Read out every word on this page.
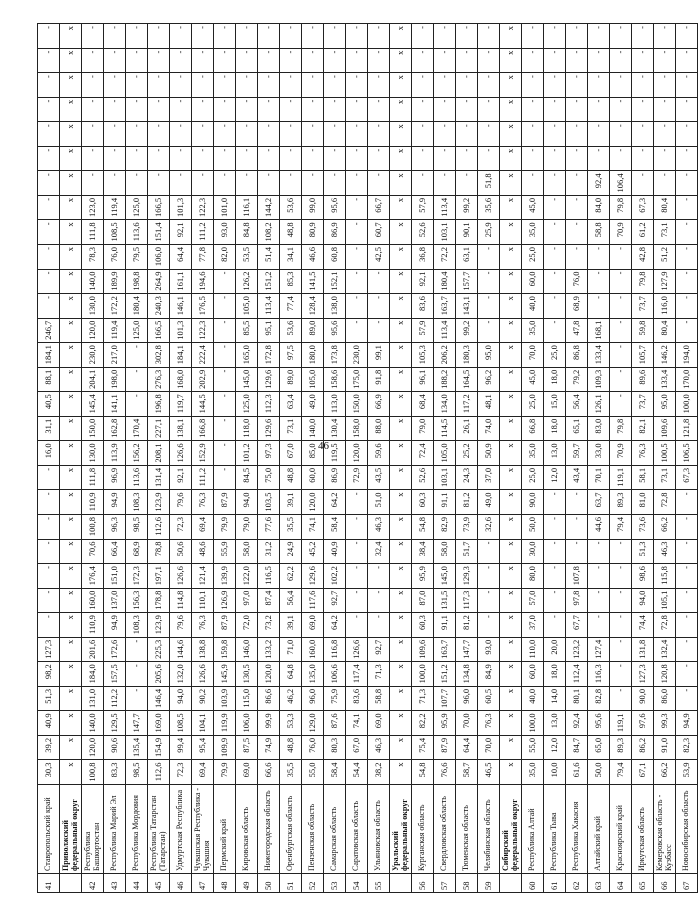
46
41	Ставропольский край	30,3	39,2	40,9	51,3	98,2	127,3	-	-	-	-	-	-	-	16,0	31,1	40,5	88,1	184,1	246,7	-	-	-	-	-	-	-	-	-	-	-	-
	Приволжский федеральный округ	x	x	x	x	x	x	x	x	x	x	x	x	x	x	x	x	x	x	x	x	x	x	x	x	x	x	x	x	x	x	x
42	Республика Башкортостан	100,8	120,0	140,0	131,0	184,0	201,6	110,9	160,0	176,4	70,6	100,8	110,9	111,8	130,0	150,0	145,4	204,1	230,0	120,0	130,0	140,0	78,3	111,8	123,0	-	-	-	-	-	-	-
43	Республика Марий Эл	83,3	90,6	129,5	112,2	157,5	172,6	94,9	137,0	151,0	66,4	96,3	94,9	96,9	113,9	162,8	141,1	198,0	217,0	119,4	172,2	189,9	76,0	108,5	119,4	-	-	-	-	-	-	-
44	Республика Мордовия	98,5	135,4	147,7	-	-	-	108,3	156,3	172,3	68,9	98,5	108,3	113,6	156,2	170,4	-	-	-	125,0	180,4	198,8	79,5	113,6	125,0	-	-	-	-	-	-	-
45	Республика Татарстан (Татарстан)	112,6	154,9	169,0	146,4	205,6	225,3	123,9	178,8	197,1	78,8	112,6	123,9	131,4	208,1	227,1	196,8	276,3	302,8	166,5	240,3	264,9	106,0	151,4	166,5	-	-	-	-	-	-	-
46	Удмуртская Республика	72,3	99,4	108,5	94,0	132,0	144,6	79,6	114,8	126,6	50,6	72,3	79,6	92,1	126,6	138,1	119,7	168,0	184,1	101,3	146,1	161,1	64,4	92,1	101,3	-	-	-	-	-	-	-
47	Чувашская Республика - Чувашия	69,4	95,4	104,1	90,2	126,6	138,8	76,3	110,1	121,4	48,6	69,4	76,3	111,2	152,9	166,8	144,5	202,9	222,4	122,3	176,5	194,6	77,8	111,2	122,3	-	-	-	-	-	-	-
48	Пермский край	79,9	109,9	119,9	103,9	145,9	159,8	87,9	126,9	139,9	55,9	79,9	87,9	-	-	-	-	-	-	-	-	-	82,0	93,0	101,0	-	-	-	-	-	-	-
49	Кировская область	69,0	87,5	106,0	115,0	130,5	146,0	72,0	97,0	122,0	58,0	79,0	94,0	84,5	101,2	118,0	125,0	145,0	165,0	85,5	105,0	126,2	53,5	84,8	116,1	-	-	-	-	-	-	-
50	Нижегородская область	66,6	74,9	99,9	86,6	120,0	133,2	73,2	87,4	116,5	31,2	77,6	103,5	75,0	97,3	129,6	112,3	129,6	172,8	95,1	113,4	151,2	51,4	108,2	144,2	-	-	-	-	-	-	-
51	Оренбургская область	35,5	48,8	53,3	46,2	64,8	71,0	39,1	56,4	62,2	24,9	35,5	39,1	48,8	67,0	73,1	63,4	89,0	97,5	53,6	77,4	85,3	34,1	48,8	53,6	-	-	-	-	-	-	-
52	Пензенская область	55,0	76,0	129,0	96,0	135,0	160,0	69,0	117,6	129,6	45,2	74,1	120,0	60,0	85,0	140,0	49,0	105,0	180,0	89,0	128,4	141,5	46,6	80,9	99,0	-	-	-	-	-	-	-
53	Самарская область	58,4	80,3	87,6	75,9	106,6	116,8	64,2	92,7	102,2	40,9	58,4	64,2	86,9	119,5	130,4	113,0	158,6	173,8	95,6	138,0	152,1	60,8	86,9	95,6	-	-	-	-	-	-	-
54	Саратовская область	54,4	67,0	74,1	83,6	117,4	126,6	-	-	-	-	-	-	72,9	120,0	158,0	150,0	175,0	230,0	-	-	-	-	-	-	-	-	-	-	-	-	-
55	Ульяновская область	38,2	46,3	69,0	58,8	71,3	92,7	-	-	-	32,4	46,3	51,0	43,5	59,6	88,0	66,9	91,8	99,1	-	-	-	42,5	60,7	66,7	-	-	-	-	-	-	-
	Уральский федеральный округ	x	x	x	x	x	x	x	x	x	x	x	x	x	x	x	x	x	x	x	x	x	x	x	x	x	x	x	x	x	x	x
56	Курганская область	54,8	75,4	82,2	71,3	100,0	109,6	60,3	87,0	95,9	38,4	54,8	60,3	52,6	72,4	79,0	68,4	96,1	105,3	57,9	83,6	92,1	36,8	52,6	57,9	-	-	-	-	-	-	-
57	Свердловская область	76,6	87,9	95,9	107,7	151,2	163,7	91,1	131,5	145,0	58,0	82,9	91,1	103,1	105,0	114,5	134,0	188,2	206,2	113,4	163,7	180,4	72,2	103,1	113,4	-	-	-	-	-	-	-
58	Тюменская область	58,7	64,4	70,0	96,0	134,8	147,7	81,2	117,3	129,3	51,7	73,9	81,2	24,3	25,2	26,1	117,2	164,5	180,3	99,2	143,1	157,7	63,1	90,1	99,2	-	-	-	-	-	-	-
59	Челябинская область	46,5	70,0	76,3	60,5	84,9	93,0	-	-	-	-	32,6	49,0	37,0	50,9	74,0	48,1	96,2	95,0	-	-	-	-	25,9	35,6	51,8	-	-	-	-	-	-
	Сибирский федеральный округ	x	x	x	x	x	x	x	x	x	x	x	x	x	x	x	x	x	x	x	x	x	x	x	x	x	x	x	x	x	x	x
60	Республика Алтай	35,0	55,0	100,0	40,0	60,0	110,0	37,0	57,0	80,0	30,0	50,0	90,0	25,0	35,0	66,8	25,0	45,0	70,0	35,0	40,0	60,0	25,0	35,0	45,0	-	-	-	-	-	-	-
61	Республика Тыва	10,0	12,0	13,0	14,0	18,0	20,0	-	-	-	-	-	-	12,0	13,0	18,0	15,0	18,0	25,0	-	-	-	-	-	-	-	-	-	-	-	-	-
62	Республика Хакасия	61,6	84,7	92,4	80,1	112,4	123,2	67,7	97,8	107,8	-	-	-	43,4	59,7	65,1	56,4	79,2	86,8	47,8	68,9	76,0	-	-	-	-	-	-	-	-	-	-
63	Алтайский край	50,0	65,0	95,6	82,8	116,3	127,4	-	-	-	-	44,6	63,7	70,1	33,0	83,0	126,1	109,3	133,4	168,1	-	-	-	58,8	84,0	92,4	-	-	-	-	-	-
64	Красноярский край	79,4	89,3	119,1	-	-	-	-	-	-	-	79,4	89,3	119,1	70,9	79,8	-	-	-	-	-	-	-	70,9	79,8	106,4	-	-	-	-	-	-
65	Иркутская область	67,1	86,2	97,6	90,0	127,3	131,8	74,4	94,0	98,6	51,3	73,6	81,0	58,1	76,3	82,1	73,7	89,6	105,7	59,8	73,7	79,8	42,8	61,2	67,3	-	-	-	-	-	-	-
66	Кемеровская область - Кузбасс	66,2	91,0	99,3	86,0	120,8	132,4	72,8	105,1	115,8	46,3	66,2	72,8	73,1	100,5	109,6	95,0	133,4	146,2	80,4	116,0	127,9	51,2	73,1	80,4	-	-	-	-	-	-	-
67	Новосибирская область	53,9	82,3	94,9	-	-	-	-	-	-	-	-	-	67,3	106,5	121,8	100,0	170,0	194,0	-	-	-	-	-	-	-	-	-	-	-	-	-
